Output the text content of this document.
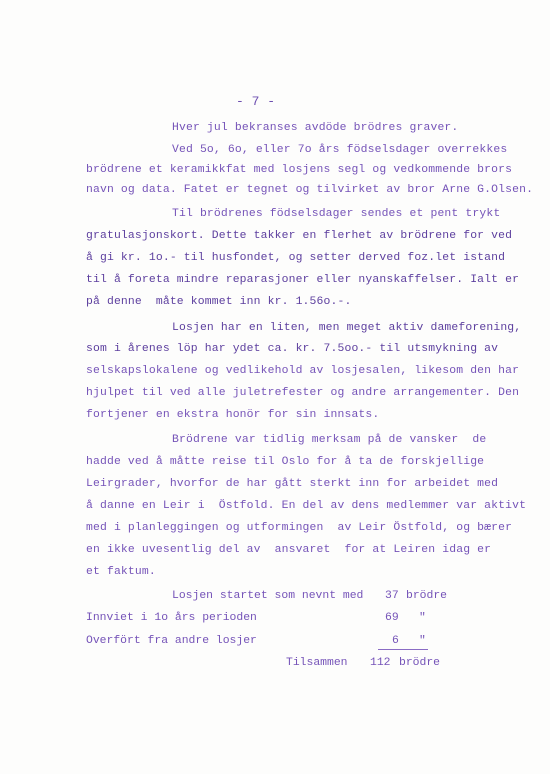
- 7 -
Hver jul bekranses avdöde brödres graver.
Ved 5o, 6o, eller 7o års födselsdager overrekkes
brödrene et keramikkfat med losjens segl og vedkommende brors
navn og data. Fatet er tegnet og tilvirket av bror Arne G.Olsen.
Til brödrenes födselsdager sendes et pent trykt
gratulasjonskort. Dette takker en flerhet av brödrene for ved
å gi kr. 1o.- til husfondet, og setter derved foz.let istand
til å foreta mindre reparasjoner eller nyanskaffelser. Ialt er
på denne  måte kommet inn kr. 1.56o.-.
Losjen har en liten, men meget aktiv dameforening,
som i årenes löp har ydet ca. kr. 7.5oo.- til utsmykning av
selskapslokalene og vedlikehold av losjesalen, likesom den har
hjulpet til ved alle juletrefester og andre arrangementer. Den
fortjener en ekstra honör for sin innsats.
Brödrene var tidlig merksam på de vansker  de
hadde ved å måtte reise til Oslo for å ta de forskjellige
Leirgrader, hvorfor de har gått sterkt inn for arbeidet med
å danne en Leir i  Östfold. En del av dens medlemmer var aktivt
med i planleggingen og utformingen  av Leir Östfold, og bærer
en ikke uvesentlig del av  ansvaret  for at Leiren idag er
et faktum.
Losjen startet som nevnt med 37 brödre
Innviet i 1o års perioden	69 "
Overfört fra andre losjer	6 "
Tilsammen 112 brödre
